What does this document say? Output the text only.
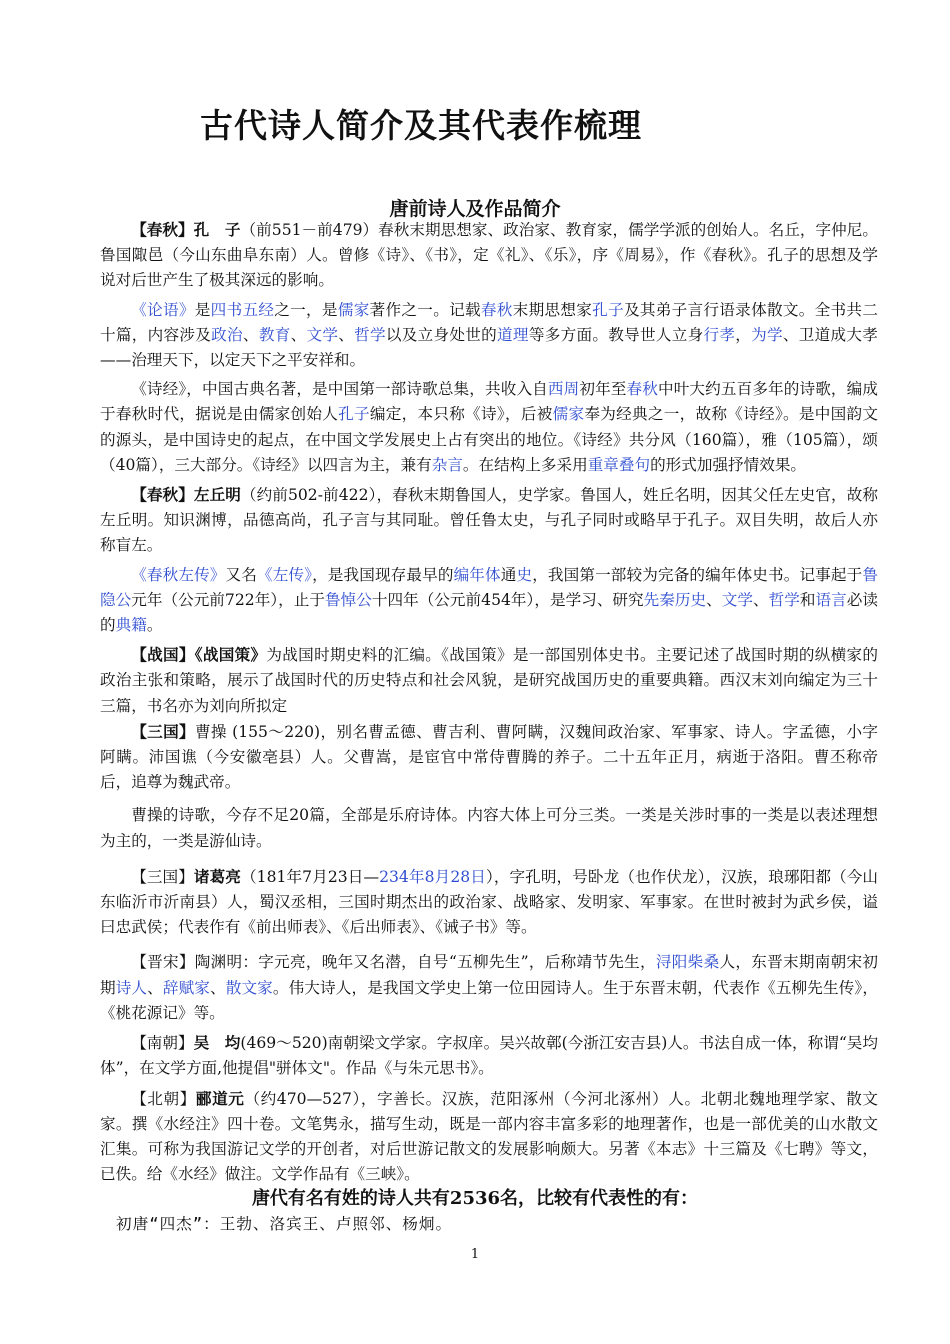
古代诗人简介及其代表作梳理
唐前诗人及作品简介

【春秋】孔　子（前551－前479）春秋末期思想家、政治家、教育家，儒学学派的创始人。名丘，字仲尼。鲁国陬邑（今山东曲阜东南）人。曾修《诗》、《书》，定《礼》、《乐》，序《周易》，作《春秋》。孔子的思想及学说对后世产生了极其深远的影响。

《论语》是四书五经之一，是儒家著作之一。记载春秋末期思想家孔子及其弟子言行语录体散文。全书共二十篇，内容涉及政治、教育、文学、哲学以及立身处世的道理等多方面。教导世人立身行孝，为学、卫道成大孝——治理天下，以定天下之平安祥和。

《诗经》，中国古典名著，是中国第一部诗歌总集，共收入自西周初年至春秋中叶大约五百多年的诗歌，编成于春秋时代，据说是由儒家创始人孔子编定，本只称《诗》，后被儒家奉为经典之一，故称《诗经》。是中国韵文的源头，是中国诗史的起点，在中国文学发展史上占有突出的地位。《诗经》共分风（160篇），雅（105篇），颂（40篇），三大部分。《诗经》以四言为主，兼有杂言。在结构上多采用重章叠句的形式加强抒情效果。

【春秋】左丘明（约前502-前422），春秋末期鲁国人，史学家。鲁国人，姓丘名明，因其父任左史官，故称左丘明。知识渊博，品德高尚，孔子言与其同耻。曾任鲁太史，与孔子同时或略早于孔子。双目失明，故后人亦称盲左。

《春秋左传》又名《左传》，是我国现存最早的编年体通史，我国第一部较为完备的编年体史书。记事起于鲁隐公元年（公元前722年），止于鲁悼公十四年（公元前454年），是学习、研究先秦历史、文学、哲学和语言必读的典籍。

【战国】《战国策》为战国时期史料的汇编。《战国策》是一部国别体史书。主要记述了战国时期的纵横家的政治主张和策略，展示了战国时代的历史特点和社会风貌，是研究战国历史的重要典籍。西汉末刘向编定为三十三篇，书名亦为刘向所拟定

【三国】曹操 (155～220)，别名曹孟德、曹吉利、曹阿瞒，汉魏间政治家、军事家、诗人。字孟德，小字阿瞒。沛国谯（今安徽亳县）人。父曹嵩，是宦官中常侍曹腾的养子。二十五年正月，病逝于洛阳。曹丕称帝后，追尊为魏武帝。

曹操的诗歌，今存不足20篇，全部是乐府诗体。内容大体上可分三类。一类是关涉时事的一类是以表述理想为主的，一类是游仙诗。

【三国】诸葛亮（181年7月23日—234年8月28日），字孔明，号卧龙（也作伏龙），汉族，琅琊阳都（今山东临沂市沂南县）人，蜀汉丞相，三国时期杰出的政治家、战略家、发明家、军事家。在世时被封为武乡侯，谥曰忠武侯；代表作有《前出师表》、《后出师表》、《诫子书》等。

【晋宋】陶渊明：字元亮，晚年又名潜，自号“五柳先生”，后称靖节先生，浔阳柴桑人，东晋末期南朝宋初期诗人、辞赋家、散文家。伟大诗人，是我国文学史上第一位田园诗人。生于东晋末朝，代表作《五柳先生传》，《桃花源记》等。

【南朝】吴　均(469～520)南朝梁文学家。字叔庠。吴兴故鄣(今浙江安吉县)人。书法自成一体，称谓“吴均体”，在文学方面,他提倡"骈体文"。作品《与朱元思书》。

【北朝】郦道元（约470—527），字善长。汉族，范阳涿州（今河北涿州）人。北朝北魏地理学家、散文家。撰《水经注》四十卷。文笔隽永，描写生动，既是一部内容丰富多彩的地理著作，也是一部优美的山水散文汇集。可称为我国游记文学的开创者，对后世游记散文的发展影响颇大。另著《本志》十三篇及《七聘》等文，已佚。给《水经》做注。文学作品有《三峡》。

唐代有名有姓的诗人共有2536名，比较有代表性的有：
初唐“四杰”：王勃、洛宾王、卢照邻、杨炯。
1
